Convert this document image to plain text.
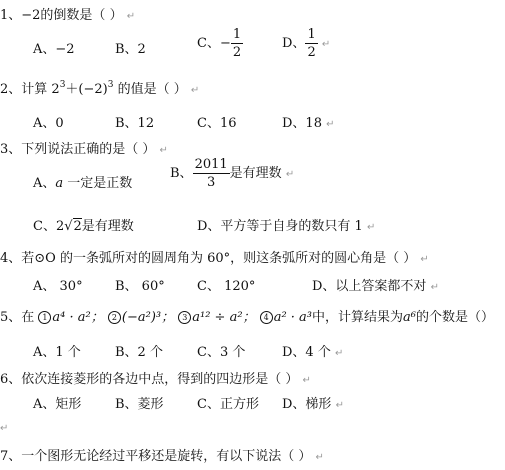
1、−2的倒数是（ ） ↵
A、−2	B、2	C、− $\frac{1}{2}$	D、 $\frac{1}{2}$ ↵
2、计算 $2^3+(-2)^3$ 的值是（ ） ↵
A、0	B、12	C、16	D、18 ↵
3、下列说法正确的是（ ） ↵
A、a 一定是正数
B、 $\frac{2011}{3}$ 是有理数 ↵
C、2√2是有理数	D、平方等于自身的数只有 1 ↵
4、若⊙O 的一条弧所对的圆周角为 60°，则这条弧所对的圆心角是（ ） ↵
A、 30° B、 60° C、 120°	D、以上答案都不对 ↵
5、在 1 a⁴ · a²； 2 (−a²)³； 3 a¹² ÷ a²； 4 a² · a³中，计算结果为a⁶的个数是（）
A、1 个	B、2 个	C、3 个	D、4 个 ↵
6、依次连接菱形的各边中点，得到的四边形是（ ） ↵
A、矩形	B、菱形	C、正方形 D、梯形 ↵
↵
7、一个图形无论经过平移还是旋转，有以下说法（ ） ↵
